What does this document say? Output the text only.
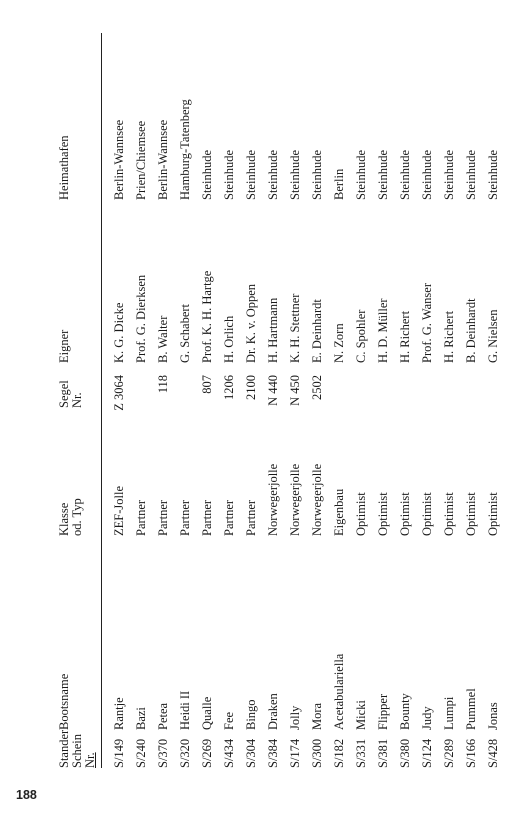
Stander Schein Nr.
Bootsname
Klasse od. Typ
Segel Nr.
Eigner
Heimathafen
S/149
Rantje
ZEF-Jolle
Z 3064
K. G. Dicke
Berlin-Wannsee
S/240
Bazi
Partner
Prof. G. Dierksen
Prien/Chiemsee
S/370
Petea
Partner
118
B. Walter
Berlin-Wannsee
S/320
Heidi II
Partner
G. Schabert
Hamburg-Tatenberg
S/269
Qualle
Partner
807
Prof. K. H. Hartge
Steinhude
S/434
Fee
Partner
1206
H. Orlich
Steinhude
S/304
Bingo
Partner
2100
Dr. K. v. Oppen
Steinhude
S/384
Draken
Norwegerjolle
N 440
H. Hartmann
Steinhude
S/174
Jolly
Norwegerjolle
N 450
K. H. Stettner
Steinhude
S/300
Mora
Norwegerjolle
2502
E. Deinhardt
Steinhude
S/182
Acetabulariella
Eigenbau
N. Zorn
Berlin
S/331
Micki
Optimist
C. Spohler
Steinhude
S/381
Flipper
Optimist
H. D. Müller
Steinhude
S/380
Bounty
Optimist
H. Richert
Steinhude
S/124
Judy
Optimist
Prof. G. Wanser
Steinhude
S/289
Lumpi
Optimist
H. Richert
Steinhude
S/166
Pummel
Optimist
B. Deinhardt
Steinhude
S/428
Jonas
Optimist
G. Nielsen
Steinhude
188
